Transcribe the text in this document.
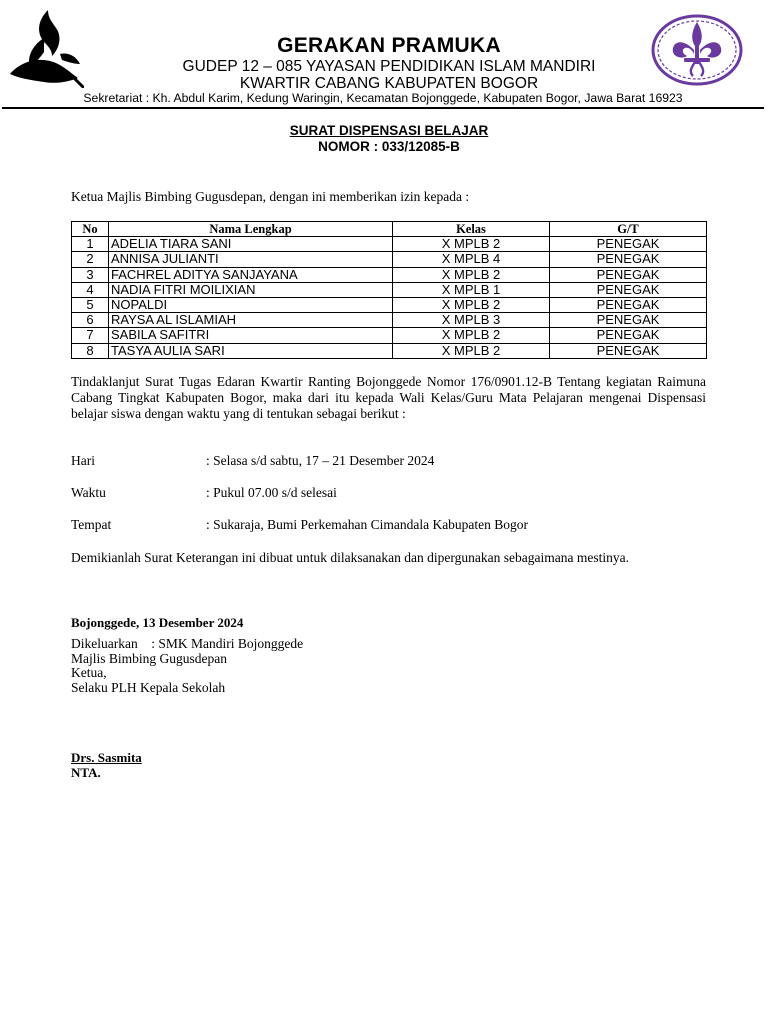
GERAKAN PRAMUKA
GUDEP 12 – 085 YAYASAN PENDIDIKAN ISLAM MANDIRI
KWARTIR CABANG KABUPATEN BOGOR
Sekretariat : Kh. Abdul Karim, Kedung Waringin, Kecamatan Bojonggede, Kabupaten Bogor, Jawa Barat 16923
SURAT DISPENSASI BELAJAR
NOMOR : 033/12085-B
Ketua Majlis Bimbing Gugusdepan, dengan ini memberikan izin kepada :
No	Nama Lengkap	Kelas	G/T
1	ADELIA TIARA SANI	X MPLB 2	PENEGAK
2	ANNISA JULIANTI	X MPLB 4	PENEGAK
3	FACHREL ADITYA SANJAYANA	X MPLB 2	PENEGAK
4	NADIA FITRI MOILIXIAN	X MPLB 1	PENEGAK
5	NOPALDI	X MPLB 2	PENEGAK
6	RAYSA AL ISLAMIAH	X MPLB 3	PENEGAK
7	SABILA SAFITRI	X MPLB 2	PENEGAK
8	TASYA AULIA SARI	X MPLB 2	PENEGAK
Tindaklanjut Surat Tugas Edaran Kwartir Ranting Bojonggede Nomor 176/0901.12-B Tentang kegiatan Raimuna Cabang Tingkat Kabupaten Bogor, maka dari itu kepada Wali Kelas/Guru Mata Pelajaran mengenai Dispensasi belajar siswa dengan waktu yang di tentukan sebagai berikut :
Hari	: Selasa s/d sabtu, 17 – 21 Desember 2024
Waktu	: Pukul 07.00 s/d selesai
Tempat	: Sukaraja, Bumi Perkemahan Cimandala Kabupaten Bogor
Demikianlah Surat Keterangan ini dibuat untuk dilaksanakan dan dipergunakan sebagaimana mestinya.
Bojonggede, 13 Desember 2024
Dikeluarkan    : SMK Mandiri Bojonggede
Majlis Bimbing Gugusdepan
Ketua,
Selaku PLH Kepala Sekolah
Drs. Sasmita
NTA.
